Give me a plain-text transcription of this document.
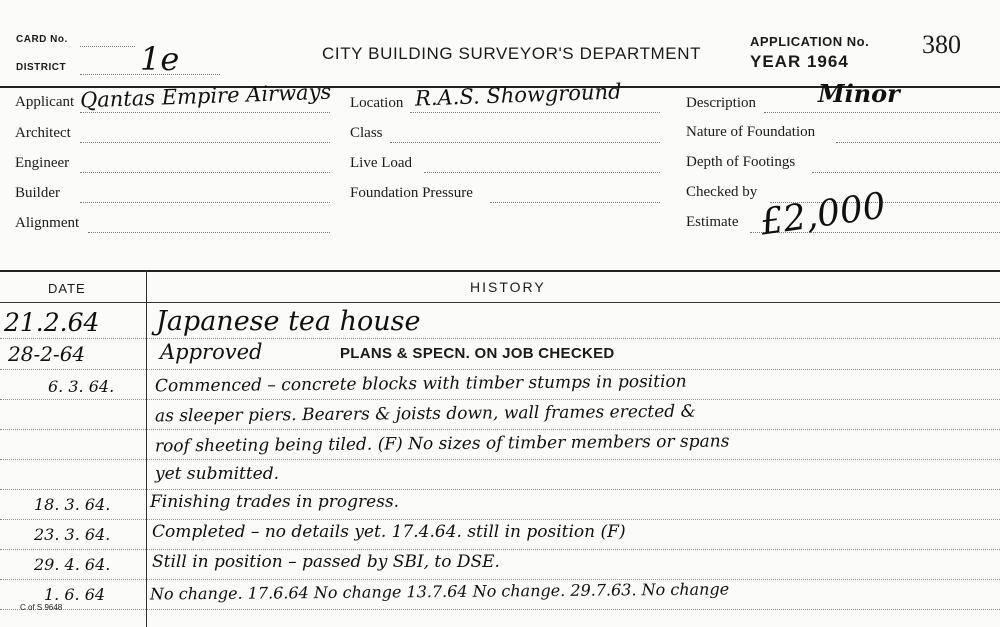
CARD No.
DISTRICT 1e	CITY BUILDING SURVEYOR'S DEPARTMENT
APPLICATION No.
YEAR 1964
380
Applicant Qantas Empire Airways
Architect
Engineer
Builder
Alignment
Location R.A.S. Showground
Class
Live Load
Foundation Pressure
Description	Minor
Nature of Foundation
Depth of Footings
Checked by
Estimate £2,000
DATE	HISTORY
21.2.64 Japanese tea house
28-2-64	Approved	PLANS & SPECN. ON JOB CHECKED
6. 3. 64. Commenced – concrete blocks with timber stumps in position
as sleeper piers. Bearers & joists down, wall frames erected &
roof sheeting being tiled. (F) No sizes of timber members or spans
yet submitted.
18. 3. 64. Finishing trades in progress.
23. 3. 64. Completed – no details yet. 17.4.64. still in position (F)
29. 4. 64. Still in position – passed by SBI, to DSE.
1. 6. 64	No change. 17.6.64 No change 13.7.64 No change. 29.7.63. No change
C of S 9648
